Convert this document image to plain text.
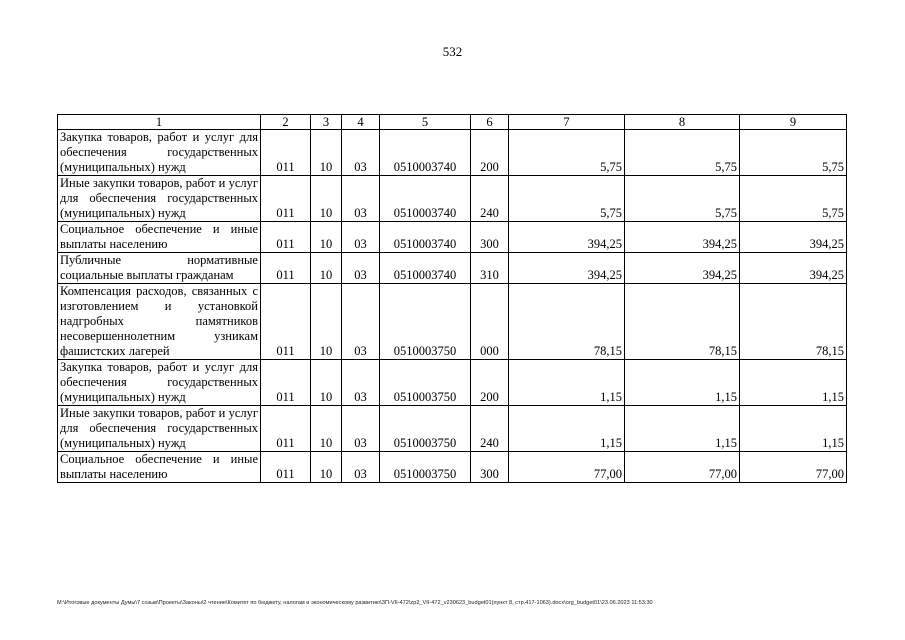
532
1	2	3	4	5	6	7	8	9
Закупка товаров, работ и услуг для обеспечения государственных (муниципальных) нужд	011	10	03	0510003740	200	5,75	5,75	5,75
Иные закупки товаров, работ и услуг для обеспечения государственных (муниципальных) нужд	011	10	03	0510003740	240	5,75	5,75	5,75
Социальное обеспечение и иные выплаты населению	011	10	03	0510003740	300	394,25	394,25	394,25
Публичные нормативные социальные выплаты гражданам	011	10	03	0510003740	310	394,25	394,25	394,25
Компенсация расходов, связанных с изготовлением и установкой надгробных памятников несовершеннолетним узникам фашистских лагерей	011	10	03	0510003750	000	78,15	78,15	78,15
Закупка товаров, работ и услуг для обеспечения государственных (муниципальных) нужд	011	10	03	0510003750	200	1,15	1,15	1,15
Иные закупки товаров, работ и услуг для обеспечения государственных (муниципальных) нужд	011	10	03	0510003750	240	1,15	1,15	1,15
Социальное обеспечение и иные выплаты населению	011	10	03	0510003750	300	77,00	77,00	77,00
M:\Итоговые документы Думы\7 созыв\Проекты\Законы\2 чтение\Комитет по бюджету, налогам и экономическому развитию\ЗП-VII-472\zp2_VII-472_v230623_budget01(пункт 8, стр.417-1063).docx\org_budget01\23.06.2023 11:53:30
